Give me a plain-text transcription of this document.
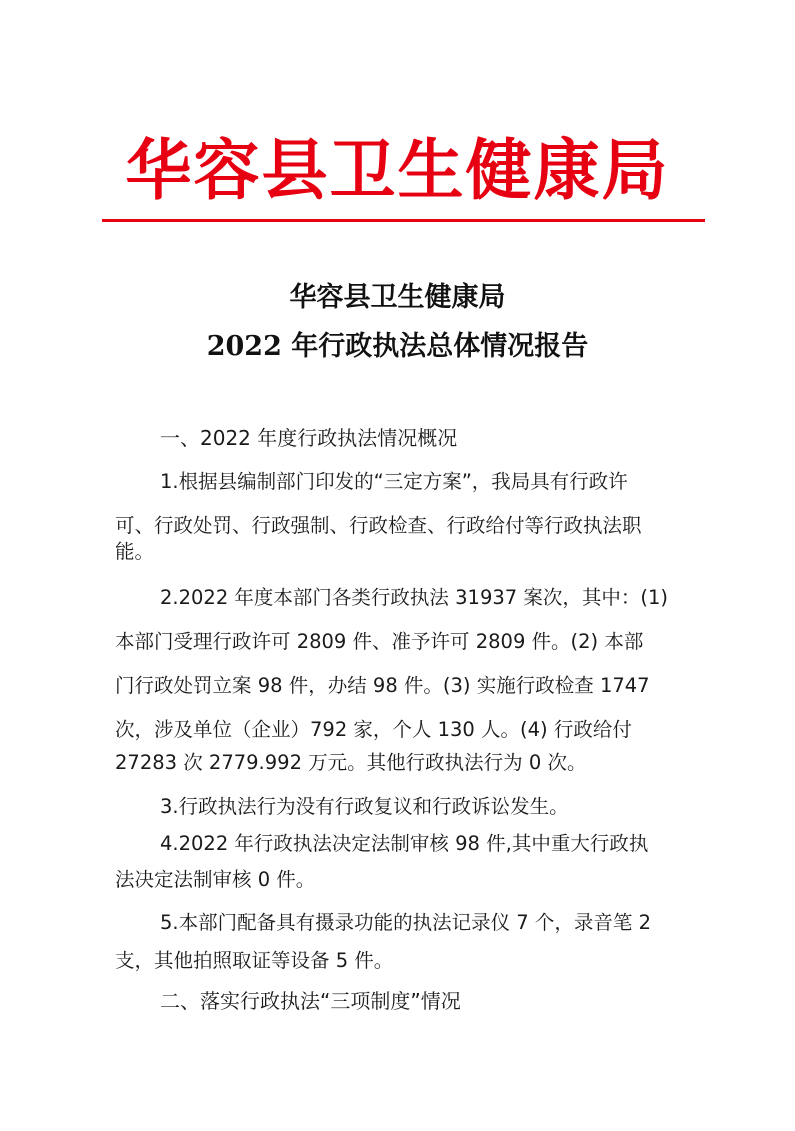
华容县卫生健康局
华容县卫生健康局
2022 年行政执法总体情况报告
一、2022 年度行政执法情况概况
1.根据县编制部门印发的“三定方案”，我局具有行政许
可、行政处罚、行政强制、行政检查、行政给付等行政执法职
能。
2.2022 年度本部门各类行政执法 31937 案次，其中：(1)
本部门受理行政许可 2809 件、准予许可 2809 件。(2) 本部
门行政处罚立案 98 件，办结 98 件。(3) 实施行政检查 1747
次，涉及单位（企业）792 家，个人 130 人。(4) 行政给付
27283 次 2779.992 万元。其他行政执法行为 0 次。
3.行政执法行为没有行政复议和行政诉讼发生。
4.2022 年行政执法决定法制审核 98 件,其中重大行政执
法决定法制审核 0 件。
5.本部门配备具有摄录功能的执法记录仪 7 个，录音笔 2
支，其他拍照取证等设备 5 件。
二、落实行政执法“三项制度”情况
